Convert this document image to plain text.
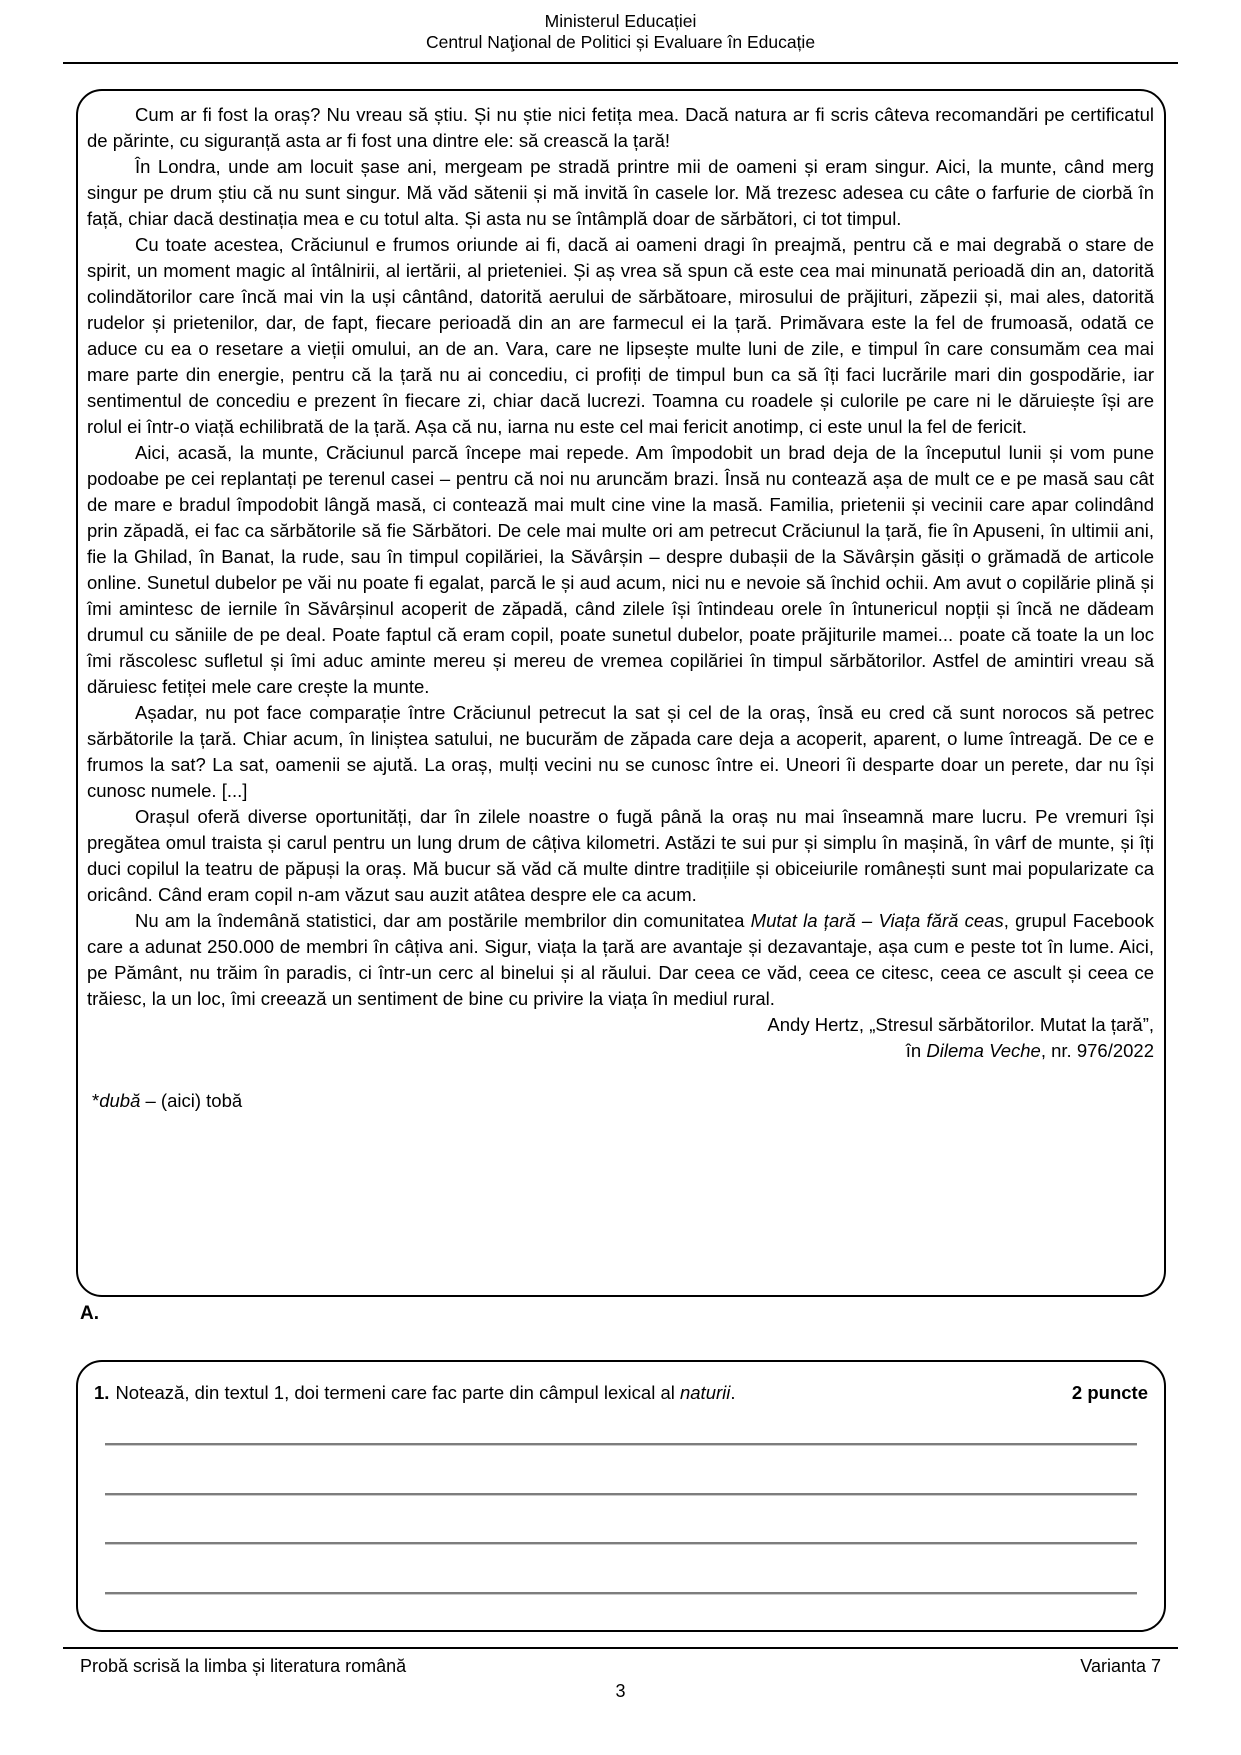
Ministerul Educației
Centrul Naţional de Politici și Evaluare în Educație
Cum ar fi fost la oraș? Nu vreau să știu. Și nu știe nici fetița mea. Dacă natura ar fi scris câteva recomandări pe certificatul de părinte, cu siguranță asta ar fi fost una dintre ele: să crească la țară!
În Londra, unde am locuit șase ani, mergeam pe stradă printre mii de oameni și eram singur. Aici, la munte, când merg singur pe drum știu că nu sunt singur. Mă văd sătenii și mă invită în casele lor. Mă trezesc adesea cu câte o farfurie de ciorbă în față, chiar dacă destinația mea e cu totul alta. Și asta nu se întâmplă doar de sărbători, ci tot timpul.
Cu toate acestea, Crăciunul e frumos oriunde ai fi, dacă ai oameni dragi în preajmă, pentru că e mai degrabă o stare de spirit, un moment magic al întâlnirii, al iertării, al prieteniei. Și aș vrea să spun că este cea mai minunată perioadă din an, datorită colindătorilor care încă mai vin la uși cântând, datorită aerului de sărbătoare, mirosului de prăjituri, zăpezii și, mai ales, datorită rudelor și prietenilor, dar, de fapt, fiecare perioadă din an are farmecul ei la țară. Primăvara este la fel de frumoasă, odată ce aduce cu ea o resetare a vieții omului, an de an. Vara, care ne lipsește multe luni de zile, e timpul în care consumăm cea mai mare parte din energie, pentru că la țară nu ai concediu, ci profiți de timpul bun ca să îți faci lucrările mari din gospodărie, iar sentimentul de concediu e prezent în fiecare zi, chiar dacă lucrezi. Toamna cu roadele și culorile pe care ni le dăruiește își are rolul ei într-o viață echilibrată de la țară. Așa că nu, iarna nu este cel mai fericit anotimp, ci este unul la fel de fericit.
Aici, acasă, la munte, Crăciunul parcă începe mai repede. Am împodobit un brad deja de la începutul lunii și vom pune podoabe pe cei replantați pe terenul casei – pentru că noi nu aruncăm brazi. Însă nu contează așa de mult ce e pe masă sau cât de mare e bradul împodobit lângă masă, ci contează mai mult cine vine la masă. Familia, prietenii și vecinii care apar colindând prin zăpadă, ei fac ca sărbătorile să fie Sărbători. De cele mai multe ori am petrecut Crăciunul la țară, fie în Apuseni, în ultimii ani, fie la Ghilad, în Banat, la rude, sau în timpul copilăriei, la Săvârșin – despre dubașii de la Săvârșin găsiți o grămadă de articole online. Sunetul dubelor pe văi nu poate fi egalat, parcă le și aud acum, nici nu e nevoie să închid ochii. Am avut o copilărie plină și îmi amintesc de iernile în Săvârșinul acoperit de zăpadă, când zilele își întindeau orele în întunericul nopții și încă ne dădeam drumul cu săniile de pe deal. Poate faptul că eram copil, poate sunetul dubelor, poate prăjiturile mamei... poate că toate la un loc îmi răscolesc sufletul și îmi aduc aminte mereu și mereu de vremea copilăriei în timpul sărbătorilor. Astfel de amintiri vreau să dăruiesc fetiței mele care crește la munte.
Așadar, nu pot face comparație între Crăciunul petrecut la sat și cel de la oraș, însă eu cred că sunt norocos să petrec sărbătorile la țară. Chiar acum, în liniștea satului, ne bucurăm de zăpada care deja a acoperit, aparent, o lume întreagă. De ce e frumos la sat? La sat, oamenii se ajută. La oraș, mulți vecini nu se cunosc între ei. Uneori îi desparte doar un perete, dar nu își cunosc numele. [...]
Orașul oferă diverse oportunități, dar în zilele noastre o fugă până la oraș nu mai înseamnă mare lucru. Pe vremuri își pregătea omul traista și carul pentru un lung drum de câțiva kilometri. Astăzi te sui pur și simplu în mașină, în vârf de munte, și îți duci copilul la teatru de păpuși la oraș. Mă bucur să văd că multe dintre tradițiile și obiceiurile românești sunt mai popularizate ca oricând. Când eram copil n-am văzut sau auzit atâtea despre ele ca acum.
Nu am la îndemână statistici, dar am postările membrilor din comunitatea Mutat la țară – Viața fără ceas, grupul Facebook care a adunat 250.000 de membri în câțiva ani. Sigur, viața la țară are avantaje și dezavantaje, așa cum e peste tot în lume. Aici, pe Pământ, nu trăim în paradis, ci într-un cerc al binelui și al răului. Dar ceea ce văd, ceea ce citesc, ceea ce ascult și ceea ce trăiesc, la un loc, îmi creează un sentiment de bine cu privire la viața în mediul rural.
Andy Hertz, „Stresul sărbătorilor. Mutat la țară”,
în Dilema Veche, nr. 976/2022
*dubă – (aici) tobă
A.
1. Notează, din textul 1, doi termeni care fac parte din câmpul lexical al naturii.	2 puncte
Probă scrisă la limba și literatura română	Varianta 7
3
